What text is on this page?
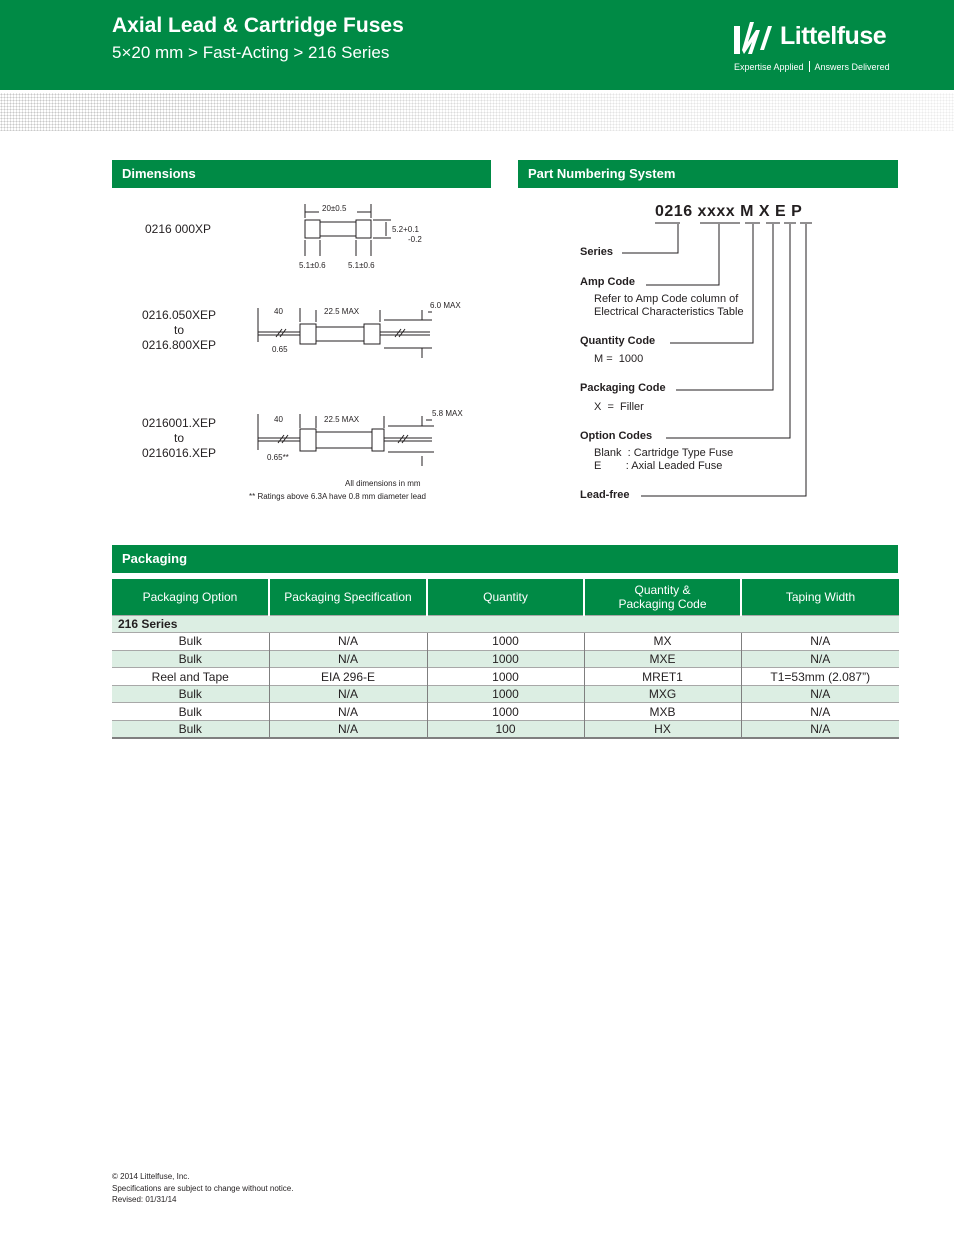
Axial Lead & Cartridge Fuses
5×20 mm > Fast-Acting > 216 Series
Littelfuse
Expertise Applied Answers Delivered
Dimensions
0216 000XP
20±0.5
5.2+0.1
-0.2
5.1±0.6	5.1±0.6
0216.050XEP
to
0216.800XEP
40	22.5 MAX
6.0 MAX
0.65
0216001.XEP
to
0216016.XEP
40	22.5 MAX
5.8 MAX
0.65**
All dimensions in mm
** Ratings above 6.3A have 0.8 mm diameter lead
Part Numbering System
0216 xxxx M X E P
Series
Amp Code
Refer to Amp Code column of
Electrical Characteristics Table
Quantity Code
M =  1000
Packaging Code
X  =  Filler
Option Codes
Blank  : Cartridge Type Fuse
E        : Axial Leaded Fuse
Lead-free
Packaging
Packaging Option	Packaging Specification	Quantity	Quantity &
Packaging Code	Taping Width
216 Series				
Bulk	N/A	1000	MX	N/A
Bulk	N/A	1000	MXE	N/A
Reel and Tape	EIA 296-E	1000	MRET1	T1=53mm (2.087”)
Bulk	N/A	1000	MXG	N/A
Bulk	N/A	1000	MXB	N/A
Bulk	N/A	100	HX	N/A
© 2014 Littelfuse, Inc.
Specifications are subject to change without notice.
Revised: 01/31/14
